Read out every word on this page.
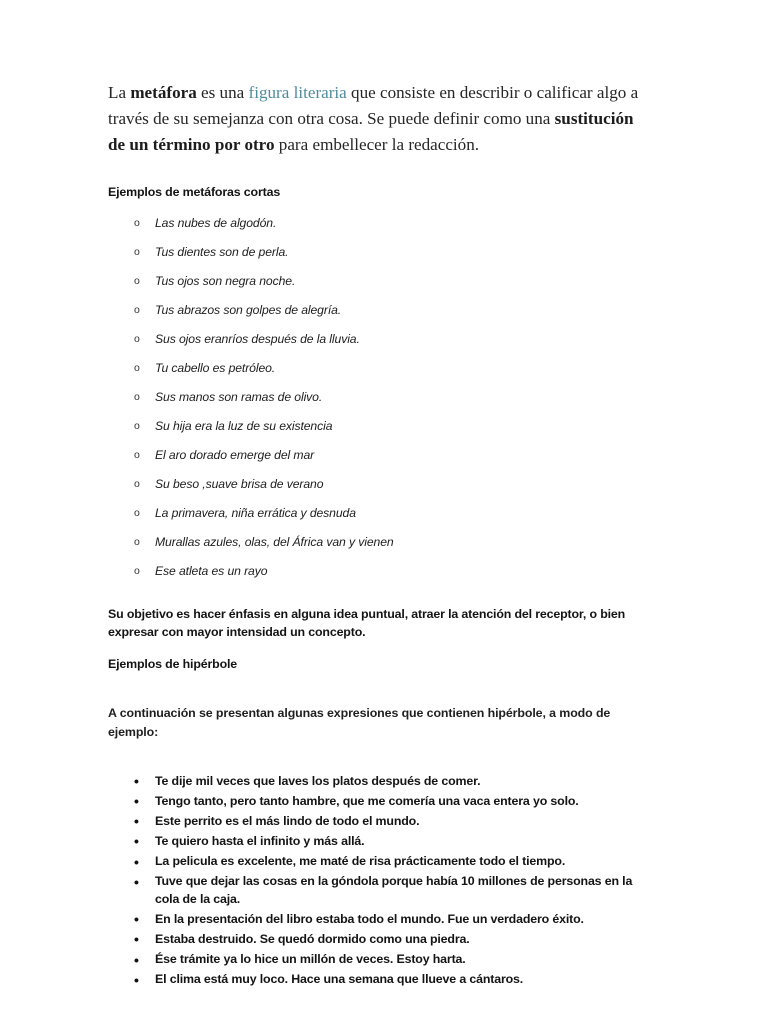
La metáfora es una figura literaria que consiste en describir o calificar algo a través de su semejanza con otra cosa. Se puede definir como una sustitución de un término por otro para embellecer la redacción.

Ejemplos de metáforas cortas
o Las nubes de algodón.
o Tus dientes son de perla.
o Tus ojos son negra noche.
o Tus abrazos son golpes de alegría.
o Sus ojos eranríos después de la lluvia.
o Tu cabello es petróleo.
o Sus manos son ramas de olivo.
o Su hija era la luz de su existencia
o El aro dorado emerge del mar
o Su beso ,suave brisa de verano
o La primavera, niña errática y desnuda
o Murallas azules, olas, del África van y vienen
o Ese atleta es un rayo

Su objetivo es hacer énfasis en alguna idea puntual, atraer la atención del receptor, o bien expresar con mayor intensidad un concepto.

Ejemplos de hipérbole

A continuación se presentan algunas expresiones que contienen hipérbole, a modo de ejemplo:

• Te dije mil veces que laves los platos después de comer.
• Tengo tanto, pero tanto hambre, que me comería una vaca entera yo solo.
• Este perrito es el más lindo de todo el mundo.
• Te quiero hasta el infinito y más allá.
• La pelicula es excelente, me maté de risa prácticamente todo el tiempo.
• Tuve que dejar las cosas en la góndola porque había 10 millones de personas en la cola de la caja.
• En la presentación del libro estaba todo el mundo. Fue un verdadero éxito.
• Estaba destruido. Se quedó dormido como una piedra.
• Ése trámite ya lo hice un millón de veces. Estoy harta.
• El clima está muy loco. Hace una semana que llueve a cántaros.
